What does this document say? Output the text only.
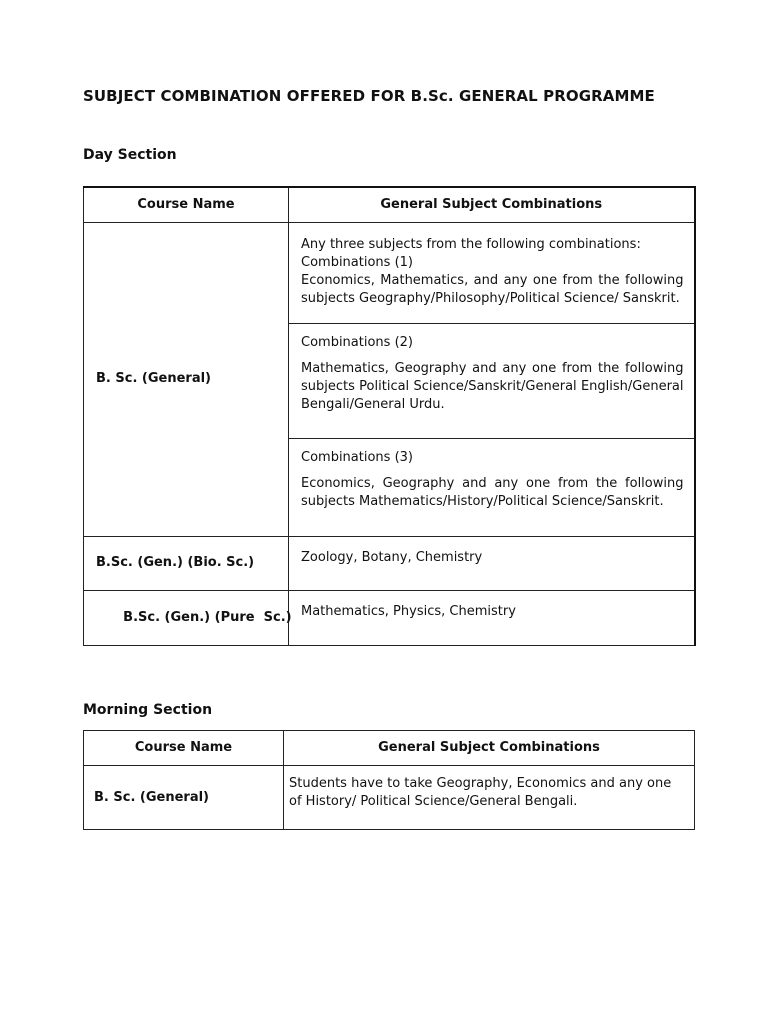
SUBJECT COMBINATION OFFERED FOR B.Sc. GENERAL PROGRAMME
Day Section
Course Name	General Subject Combinations
B. Sc. (General)	Any three subjects from the following combinations:

Combinations (1)

Economics, Mathematics, and any one from the following subjects Geography/Philosophy/Political Science/ Sanskrit.

	Combinations (2)

Mathematics, Geography and any one from the following subjects Political Science/Sanskrit/General English/General Bengali/General Urdu.

	Combinations (3)

Economics, Geography and any one from the following subjects Mathematics/History/Political Science/Sanskrit.

B.Sc. (Gen.) (Bio. Sc.)	Zoology, Botany, Chemistry

B.Sc. (Gen.) (Pure  Sc.)	Mathematics, Physics, Chemistry
Morning Section
Course Name	General Subject Combinations
B. Sc. (General)	Students have to take Geography, Economics and any one of History/ Political Science/General Bengali.
